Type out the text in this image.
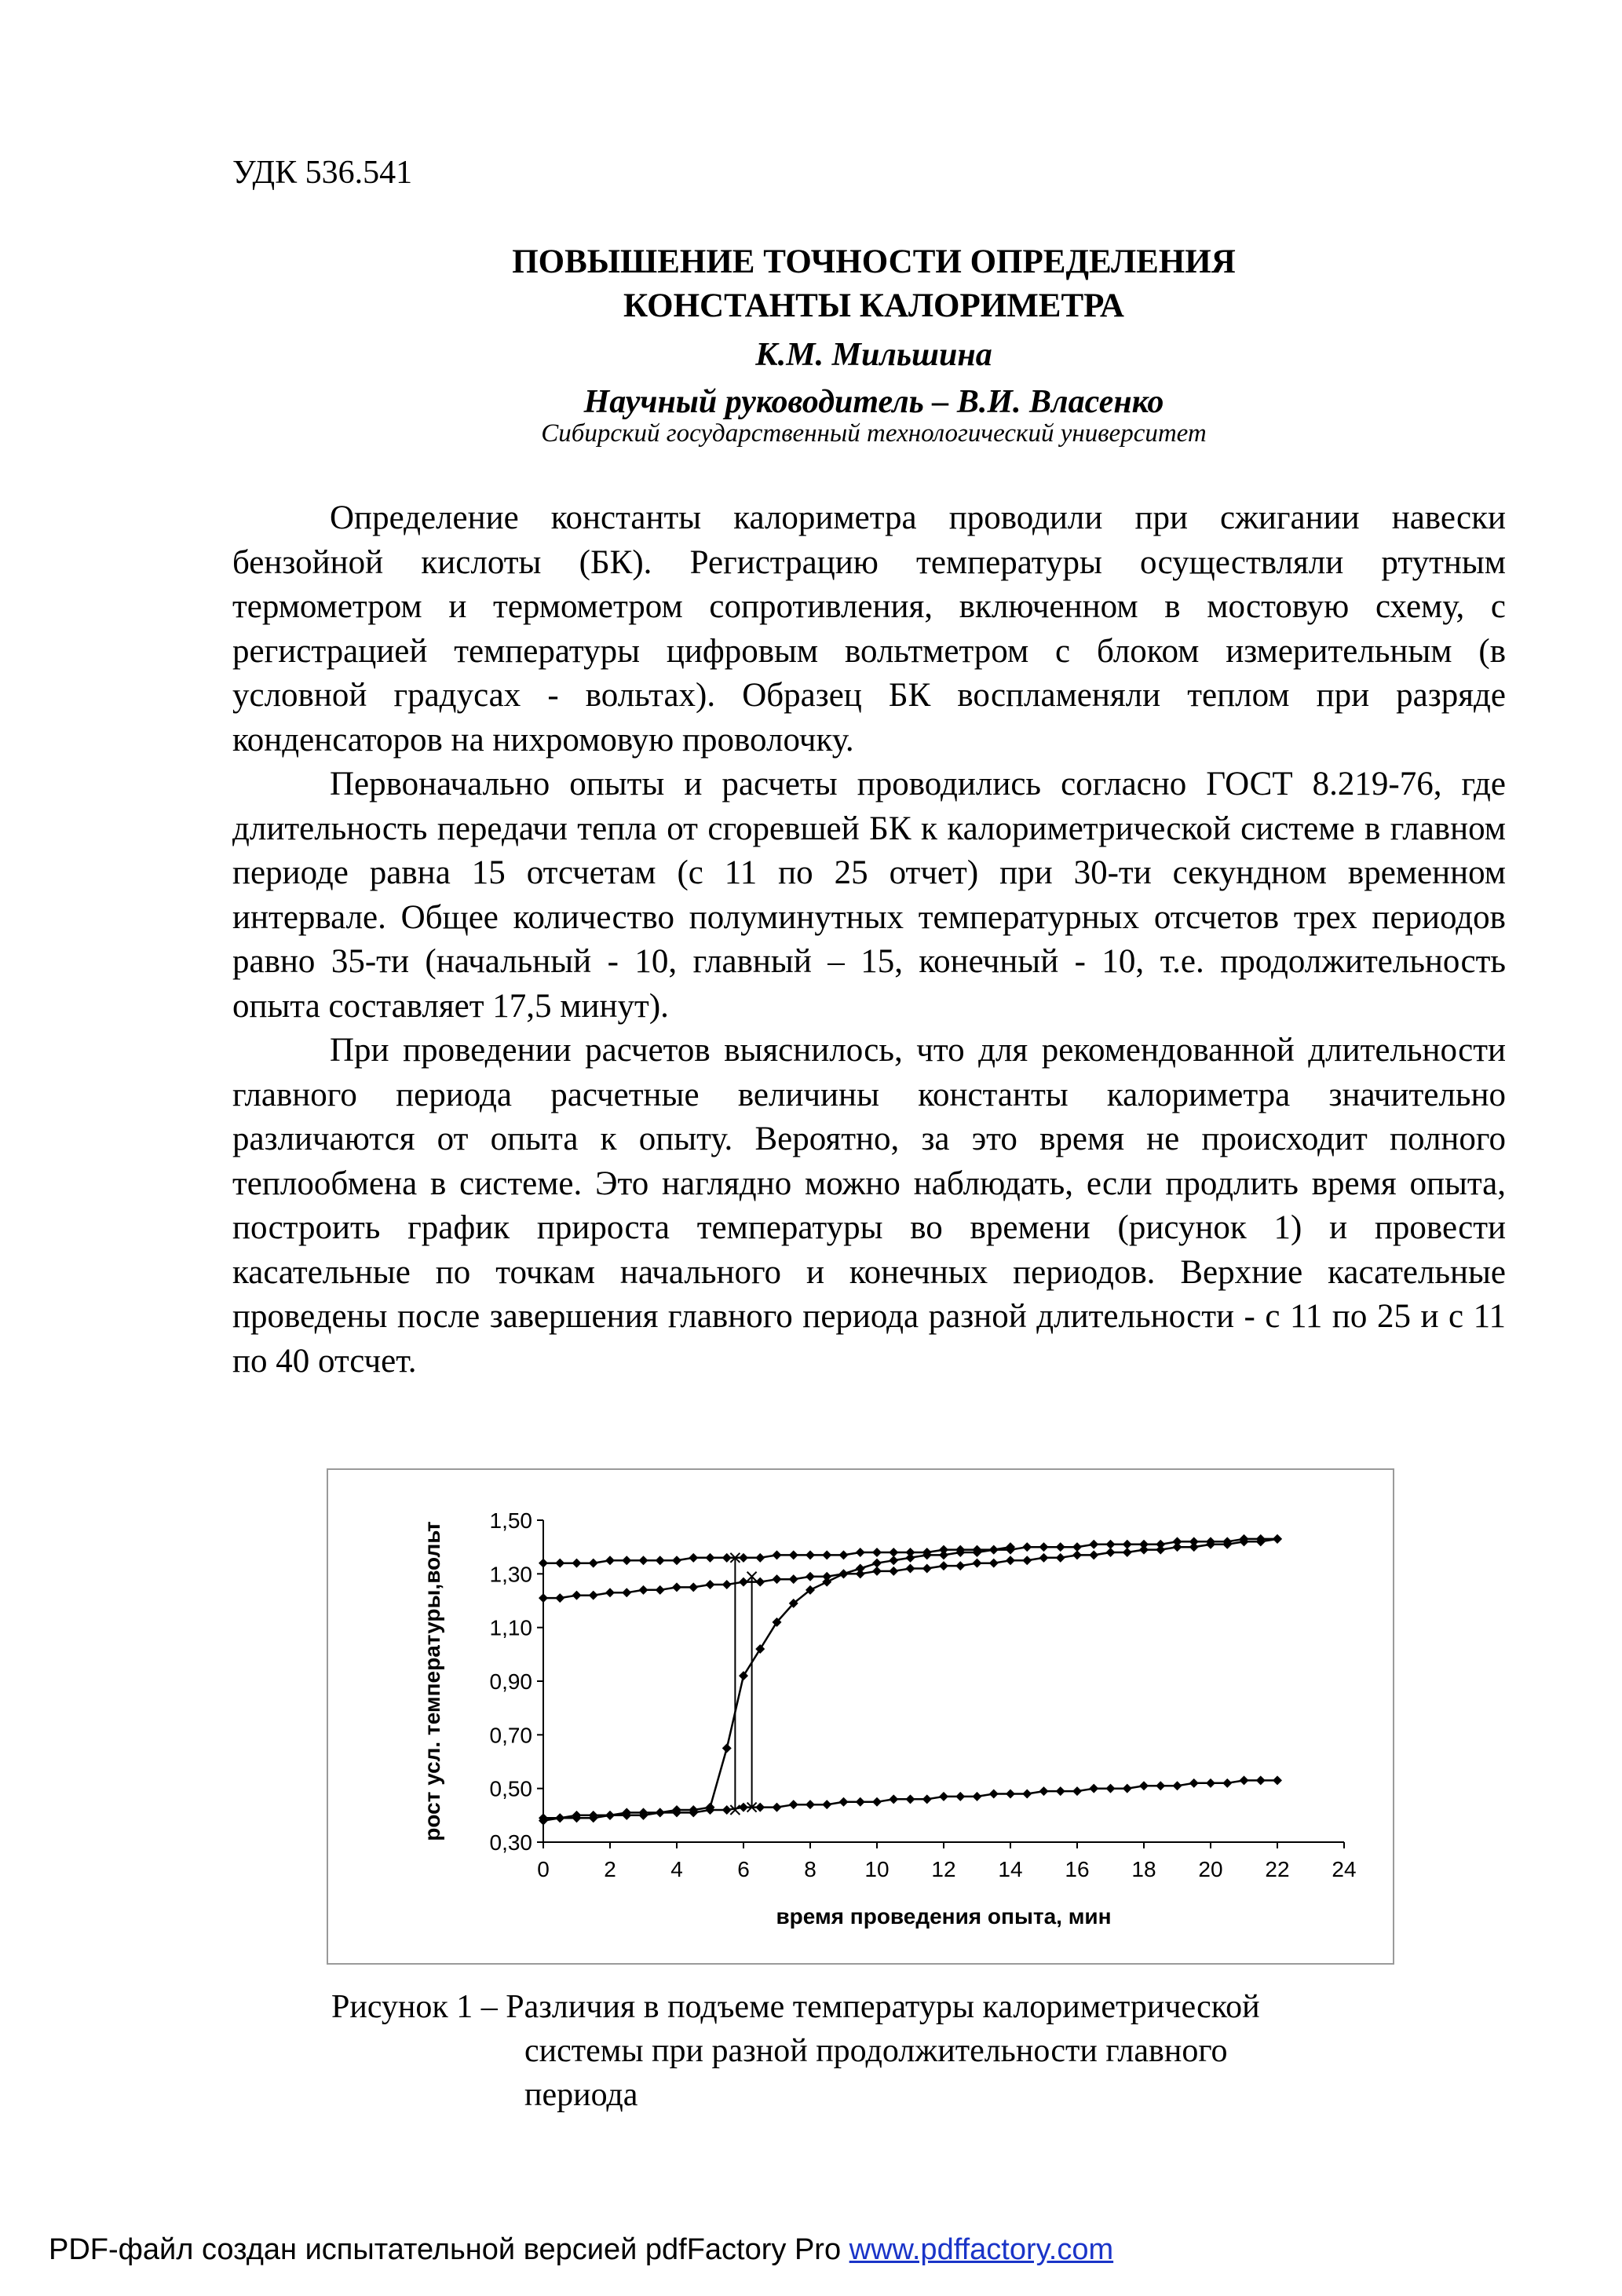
УДК 536.541
ПОВЫШЕНИЕ ТОЧНОСТИ ОПРЕДЕЛЕНИЯ
КОНСТАНТЫ КАЛОРИМЕТРА
К.М. Мильшина
Научный руководитель – В.И. Власенко
Сибирский государственный технологический университет

Определение константы калориметра проводили при сжигании навески бензойной кислоты (БК). Регистрацию температуры осуществляли ртутным термометром и термометром сопротивления, включенном в мостовую схему, с регистрацией температуры цифровым вольтметром с блоком измерительным (в условной градусах - вольтах). Образец БК воспламеняли теплом при разряде конденсаторов на нихромовую проволочку.

Первоначально опыты и расчеты проводились согласно ГОСТ 8.219-76, где длительность передачи тепла от сгоревшей БК к калориметрической системе в главном периоде равна 15 отсчетам (с 11 по 25 отчет) при 30-ти секундном временном интервале. Общее количество полуминутных температурных отсчетов трех периодов равно 35-ти (начальный - 10, главный – 15, конечный - 10, т.е. продолжительность опыта составляет 17,5 минут).

При проведении расчетов выяснилось, что для рекомендованной длительности главного периода расчетные величины константы калориметра значительно различаются от опыта к опыту. Вероятно, за это время не происходит полного теплообмена в системе. Это наглядно можно наблюдать, если продлить время опыта, построить график прироста температуры во времени (рисунок 1) и провести касательные по точкам начального и конечных периодов. Верхние касательные проведены после завершения главного периода разной длительности - с 11 по 25 и с 11 по 40 отсчет.

0,30
0,50
0,70
0,90
1,10
1,30
1,50
0 2 4 6 8 10 12 14 16 18 20 22 24
время проведения опыта, мин
рост усл. температуры,вольт
Рисунок 1 – Различия в подъеме температуры калориметрической
системы при разной продолжительности главного
периода
PDF-файл создан испытательной версией pdfFactory Pro www.pdffactory.com
